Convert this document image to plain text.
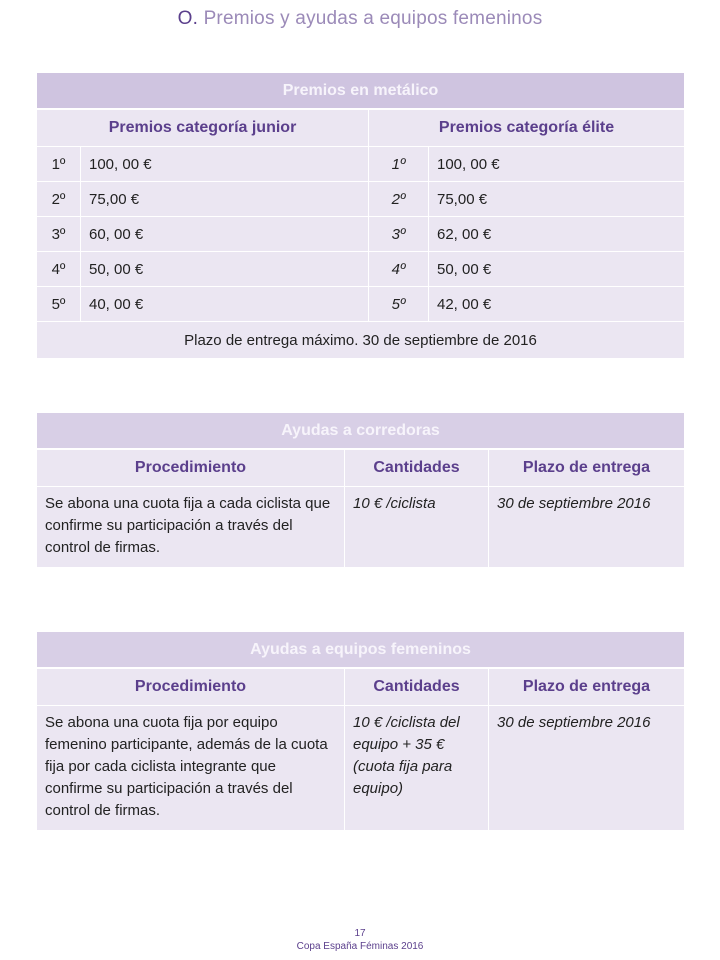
O. Premios y ayudas a equipos femeninos
Premios en metálico			
Premios categoría junior		Premios categoría élite	
1º	100, 00 €	1º	100, 00 €
2º	75,00 €	2º	75,00 €
3º	60, 00 €	3º	62, 00 €
4º	50, 00 €	4º	50, 00 €
5º	40, 00 €	5º	42, 00 €
Plazo de entrega máximo. 30 de septiembre de 2016			
Ayudas a corredoras		
Procedimiento	Cantidades	Plazo de entrega
Se abona una cuota fija a cada ciclista que confirme su participación a través del control de firmas.	10 € /ciclista	30 de septiembre 2016
Ayudas a equipos femeninos		
Procedimiento	Cantidades	Plazo de entrega
Se abona una cuota fija por equipo femenino participante, además de la cuota fija por cada ciclista integrante que confirme su participación a través del control de firmas.	10 € /ciclista del equipo + 35 € (cuota fija para equipo)	30 de septiembre 2016
17
Copa España Féminas 2016
